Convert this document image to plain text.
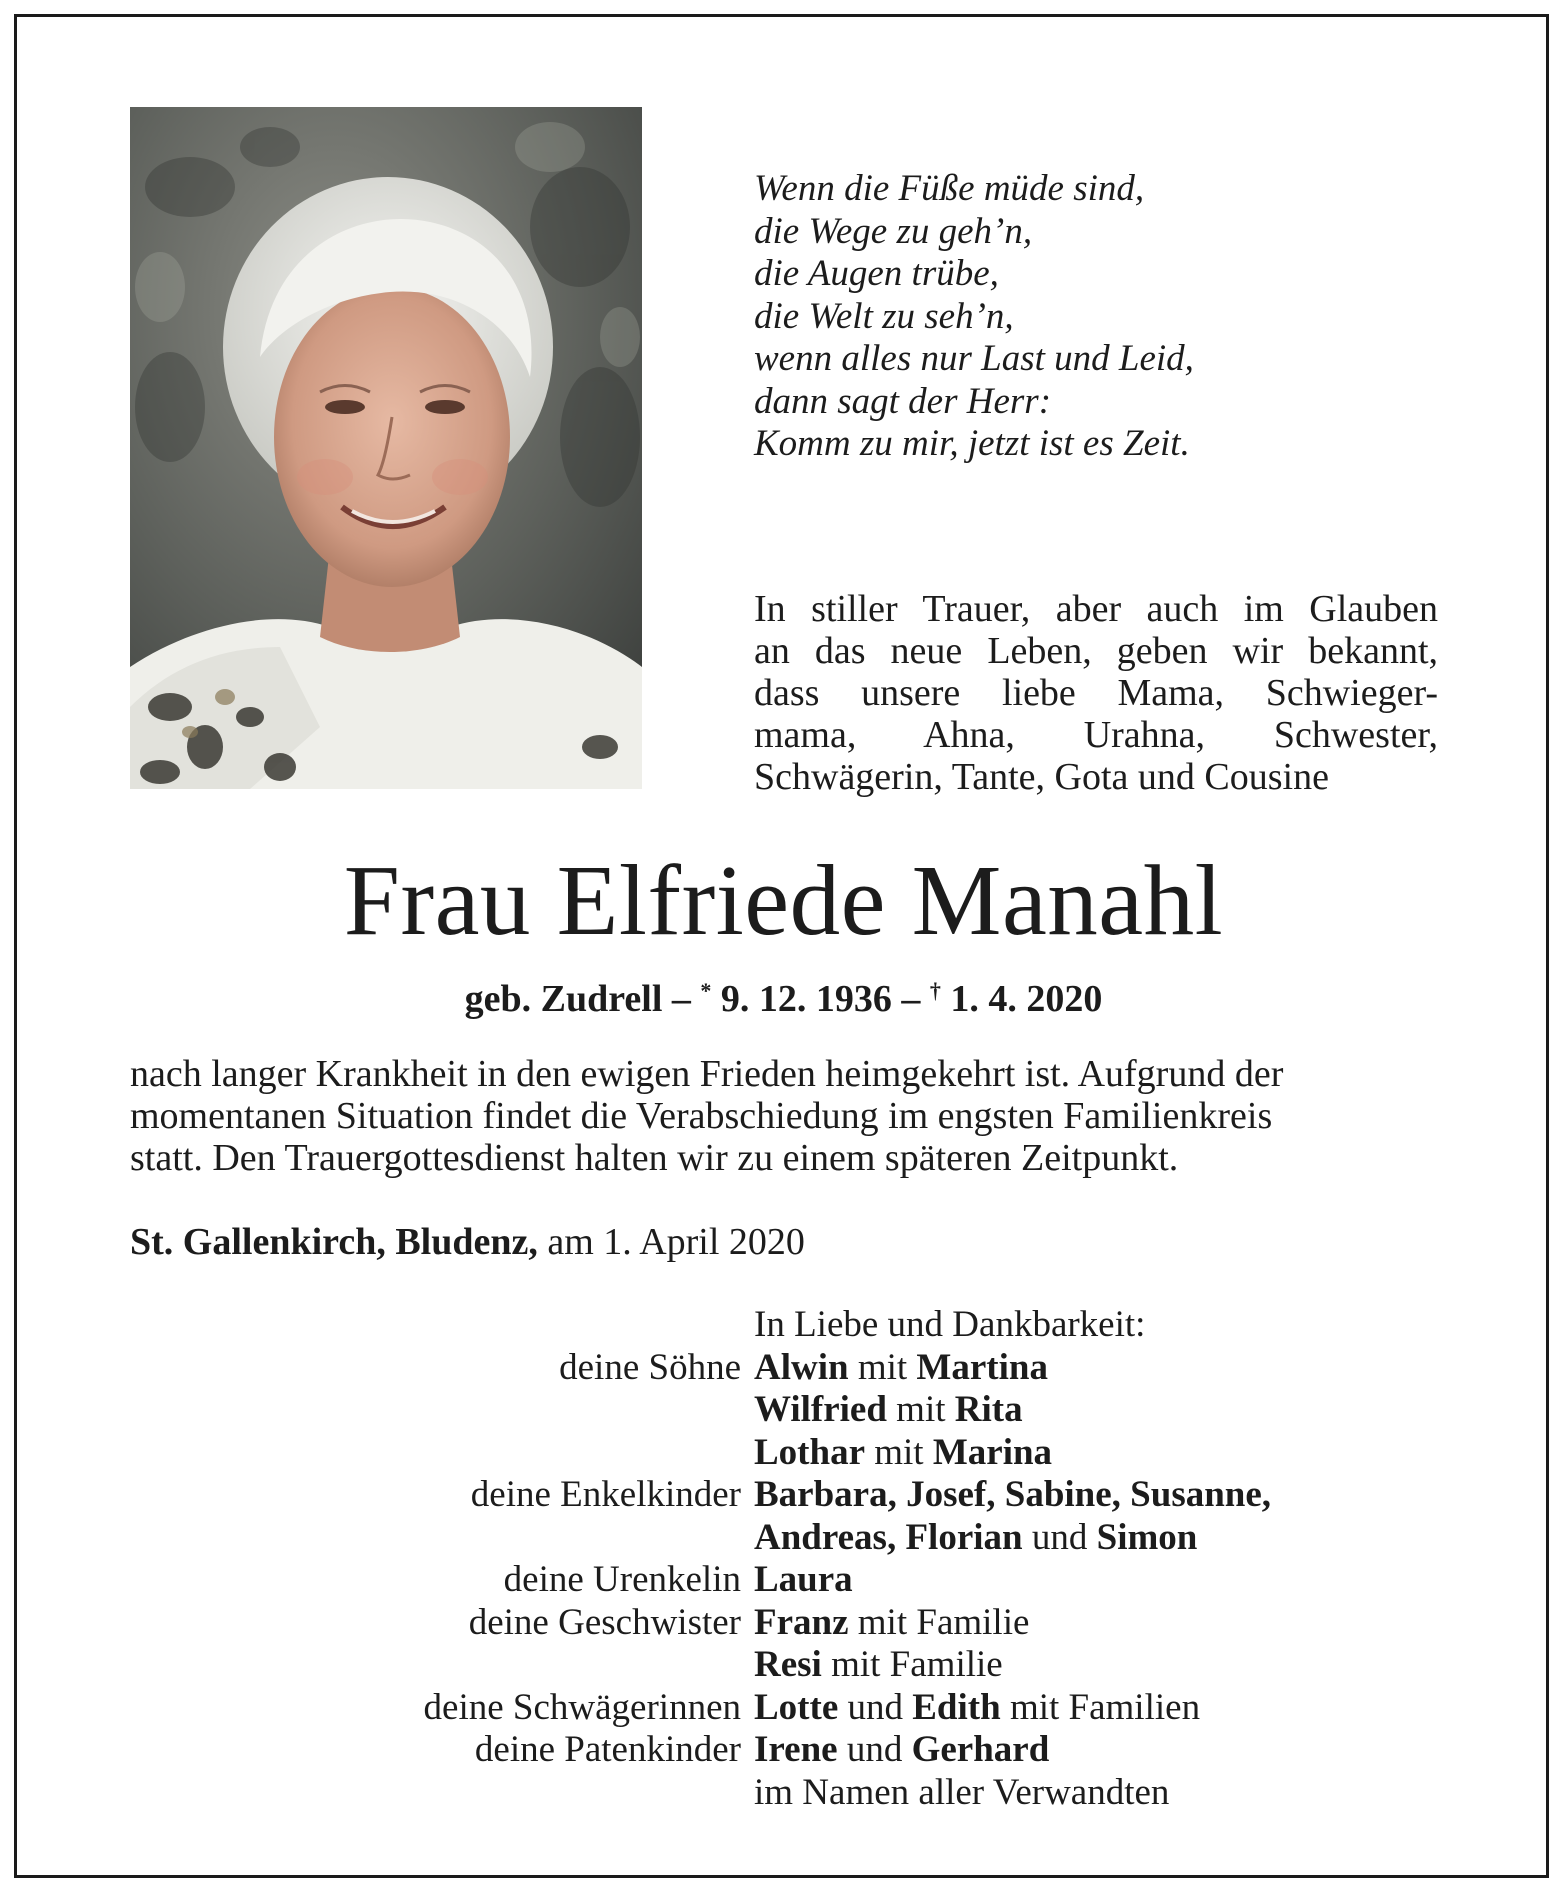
Wenn die Füße müde sind,
die Wege zu geh’n,
die Augen trübe,
die Welt zu seh’n,
wenn alles nur Last und Leid,
dann sagt der Herr:
Komm zu mir, jetzt ist es Zeit.
In stiller Trauer, aber auch im Glauben
an das neue Leben, geben wir bekannt,
dass unsere liebe Mama, Schwieger-
mama, Ahna, Urahna, Schwester,
Schwägerin, Tante, Gota und Cousine
Frau Elfriede Manahl
geb. Zudrell – * 9. 12. 1936 – † 1. 4. 2020
nach langer Krankheit in den ewigen Frieden heimgekehrt ist. Aufgrund der
momentanen Situation findet die Verabschiedung im engsten Familienkreis
statt. Den Trauergottesdienst halten wir zu einem späteren Zeitpunkt.
St. Gallenkirch, Bludenz, am 1. April 2020
In Liebe und Dankbarkeit:
deine Söhne Alwin mit Martina
Wilfried mit Rita
Lothar mit Marina
deine Enkelkinder Barbara, Josef, Sabine, Susanne,
Andreas, Florian und Simon
deine Urenkelin Laura
deine Geschwister Franz mit Familie
Resi mit Familie
deine Schwägerinnen Lotte und Edith mit Familien
deine Patenkinder Irene und Gerhard
im Namen aller Verwandten
